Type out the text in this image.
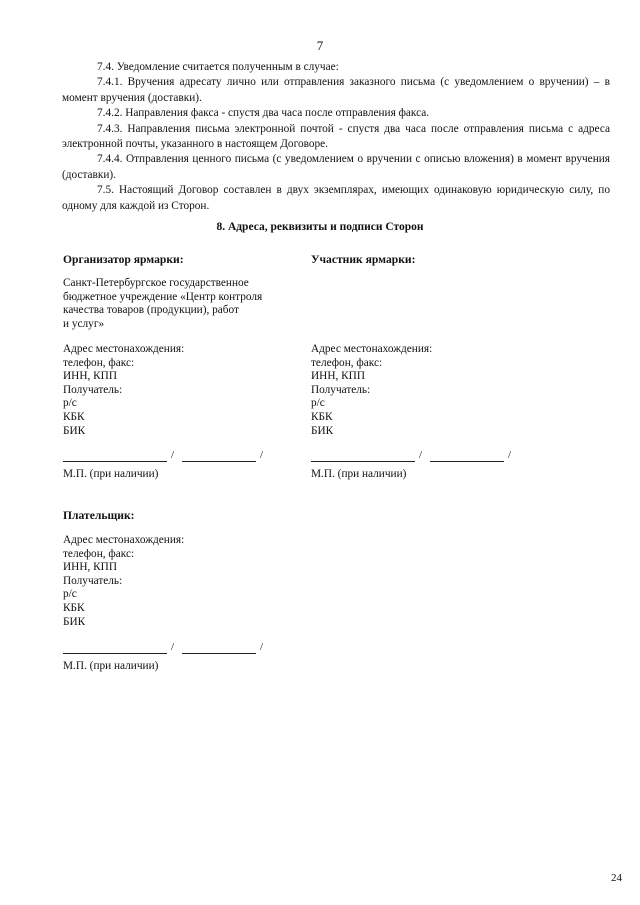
7

7.4. Уведомление считается полученным в случае:

7.4.1. Вручения адресату лично или отправления заказного письма (с уведомлением о вручении) – в момент вручения (доставки).

7.4.2. Направления факса - спустя два часа после отправления факса.

7.4.3. Направления письма электронной почтой - спустя два часа после отправления письма с адреса электронной почты, указанного в настоящем Договоре.

7.4.4. Отправления ценного письма (с уведомлением о вручении с описью вложения) в момент вручения (доставки).

7.5. Настоящий Договор составлен в двух экземплярах, имеющих одинаковую юридическую силу, по одному для каждой из Сторон.

8. Адреса, реквизиты и подписи Сторон
Организатор ярмарки:
Санкт-Петербургское государственное
бюджетное учреждение «Центр контроля
качества товаров (продукции), работ
и услуг»
Адрес местонахождения:
телефон, факс:
ИНН, КПП
Получатель:
р/с
КБК
БИК
/	/
М.П. (при наличии)
Участник ярмарки:
Адрес местонахождения:
телефон, факс:
ИНН, КПП
Получатель:
р/с
КБК
БИК
/	/
М.П. (при наличии)
Плательщик:
Адрес местонахождения:
телефон, факс:
ИНН, КПП
Получатель:
р/с
КБК
БИК
/	/
М.П. (при наличии)
24
